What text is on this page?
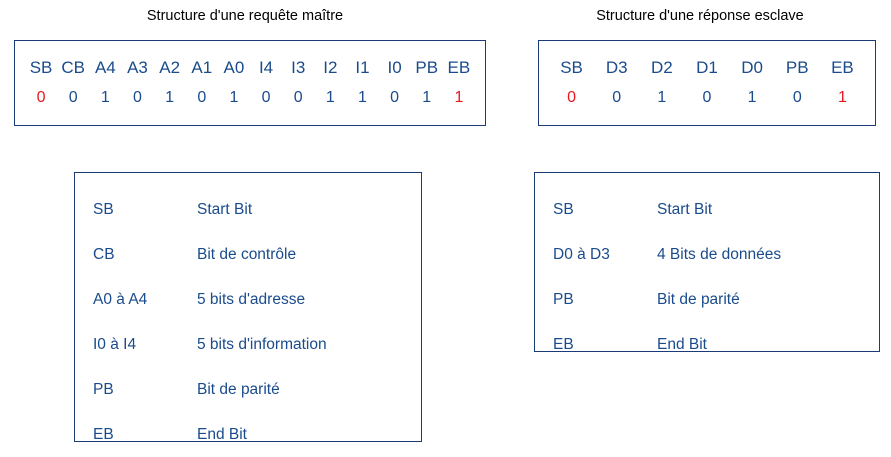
Structure d'une requête maître	Structure d'une réponse esclave
SB CB A4 A3 A2 A1 A0 I4	I3	I2	I1	I0 PB EB
0	0	1	0	1	0	1	0	0	1	1	0	1	1
SB	D3	D2	D1	D0	PB	EB
0	0	1	0	1	0	1
SB	Start Bit
CB	Bit de contrôle
A0 à A4	5 bits d'adresse
I0 à I4	5 bits d'information
PB	Bit de parité
EB	End Bit
SB	Start Bit
D0 à D3	4 Bits de données
PB	Bit de parité
EB	End Bit
